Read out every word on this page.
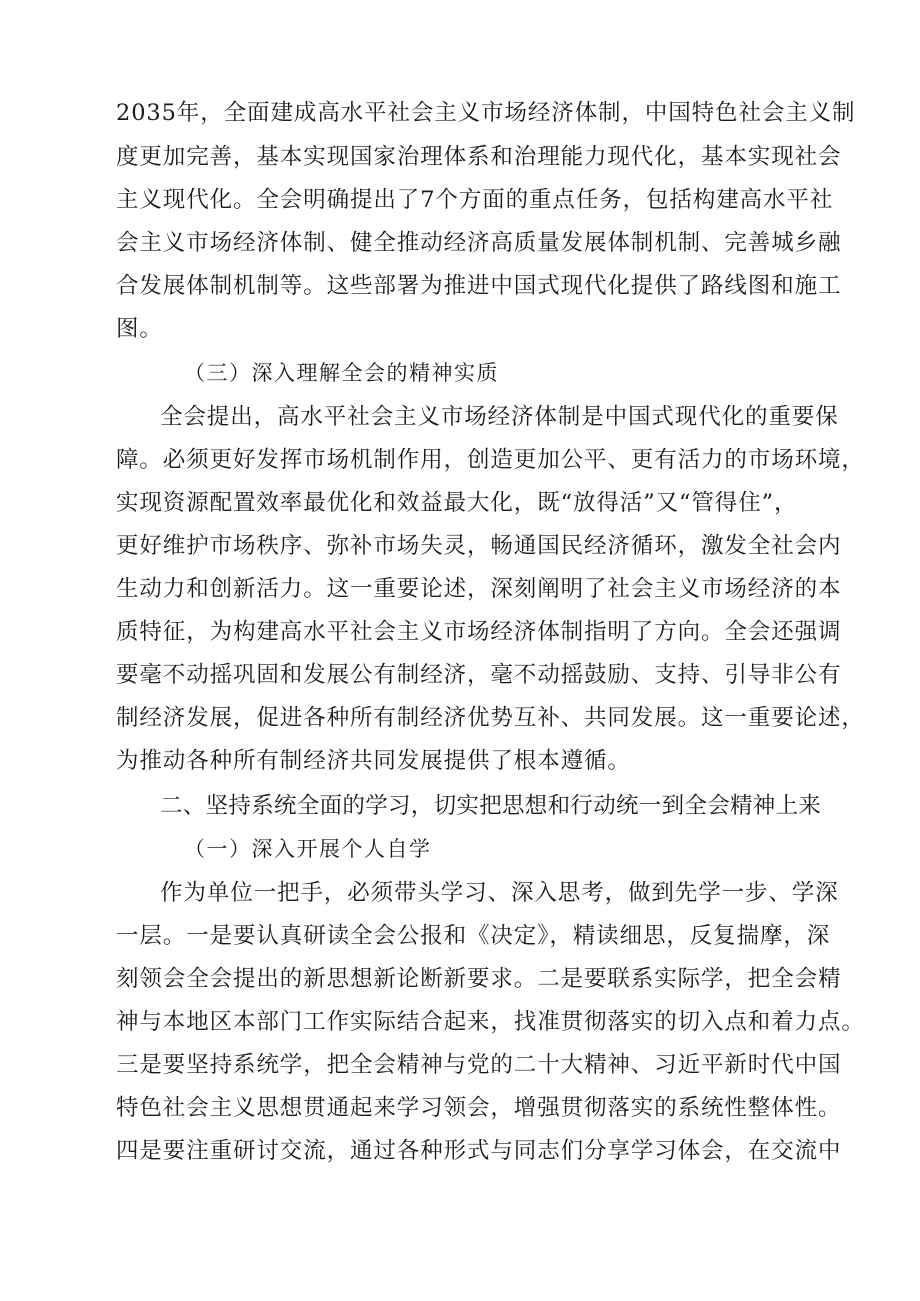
2035年，全面建成高水平社会主义市场经济体制，中国特色社会主义制

度更加完善，基本实现国家治理体系和治理能力现代化，基本实现社会

主义现代化。全会明确提出了7个方面的重点任务，包括构建高水平社

会主义市场经济体制、健全推动经济高质量发展体制机制、完善城乡融

合发展体制机制等。这些部署为推进中国式现代化提供了路线图和施工

图。

（三）深入理解全会的精神实质

全会提出，高水平社会主义市场经济体制是中国式现代化的重要保

障。必须更好发挥市场机制作用，创造更加公平、更有活力的市场环境，

实现资源配置效率最优化和效益最大化，既“放得活”又“管得住”，

更好维护市场秩序、弥补市场失灵，畅通国民经济循环，激发全社会内

生动力和创新活力。这一重要论述，深刻阐明了社会主义市场经济的本

质特征，为构建高水平社会主义市场经济体制指明了方向。全会还强调

要毫不动摇巩固和发展公有制经济，毫不动摇鼓励、支持、引导非公有

制经济发展，促进各种所有制经济优势互补、共同发展。这一重要论述，

为推动各种所有制经济共同发展提供了根本遵循。

二、坚持系统全面的学习，切实把思想和行动统一到全会精神上来

（一）深入开展个人自学

作为单位一把手，必须带头学习、深入思考，做到先学一步、学深

一层。一是要认真研读全会公报和《决定》，精读细思，反复揣摩，深

刻领会全会提出的新思想新论断新要求。二是要联系实际学，把全会精

神与本地区本部门工作实际结合起来，找准贯彻落实的切入点和着力点。

三是要坚持系统学，把全会精神与党的二十大精神、习近平新时代中国

特色社会主义思想贯通起来学习领会，增强贯彻落实的系统性整体性。

四是要注重研讨交流，通过各种形式与同志们分享学习体会，在交流中
